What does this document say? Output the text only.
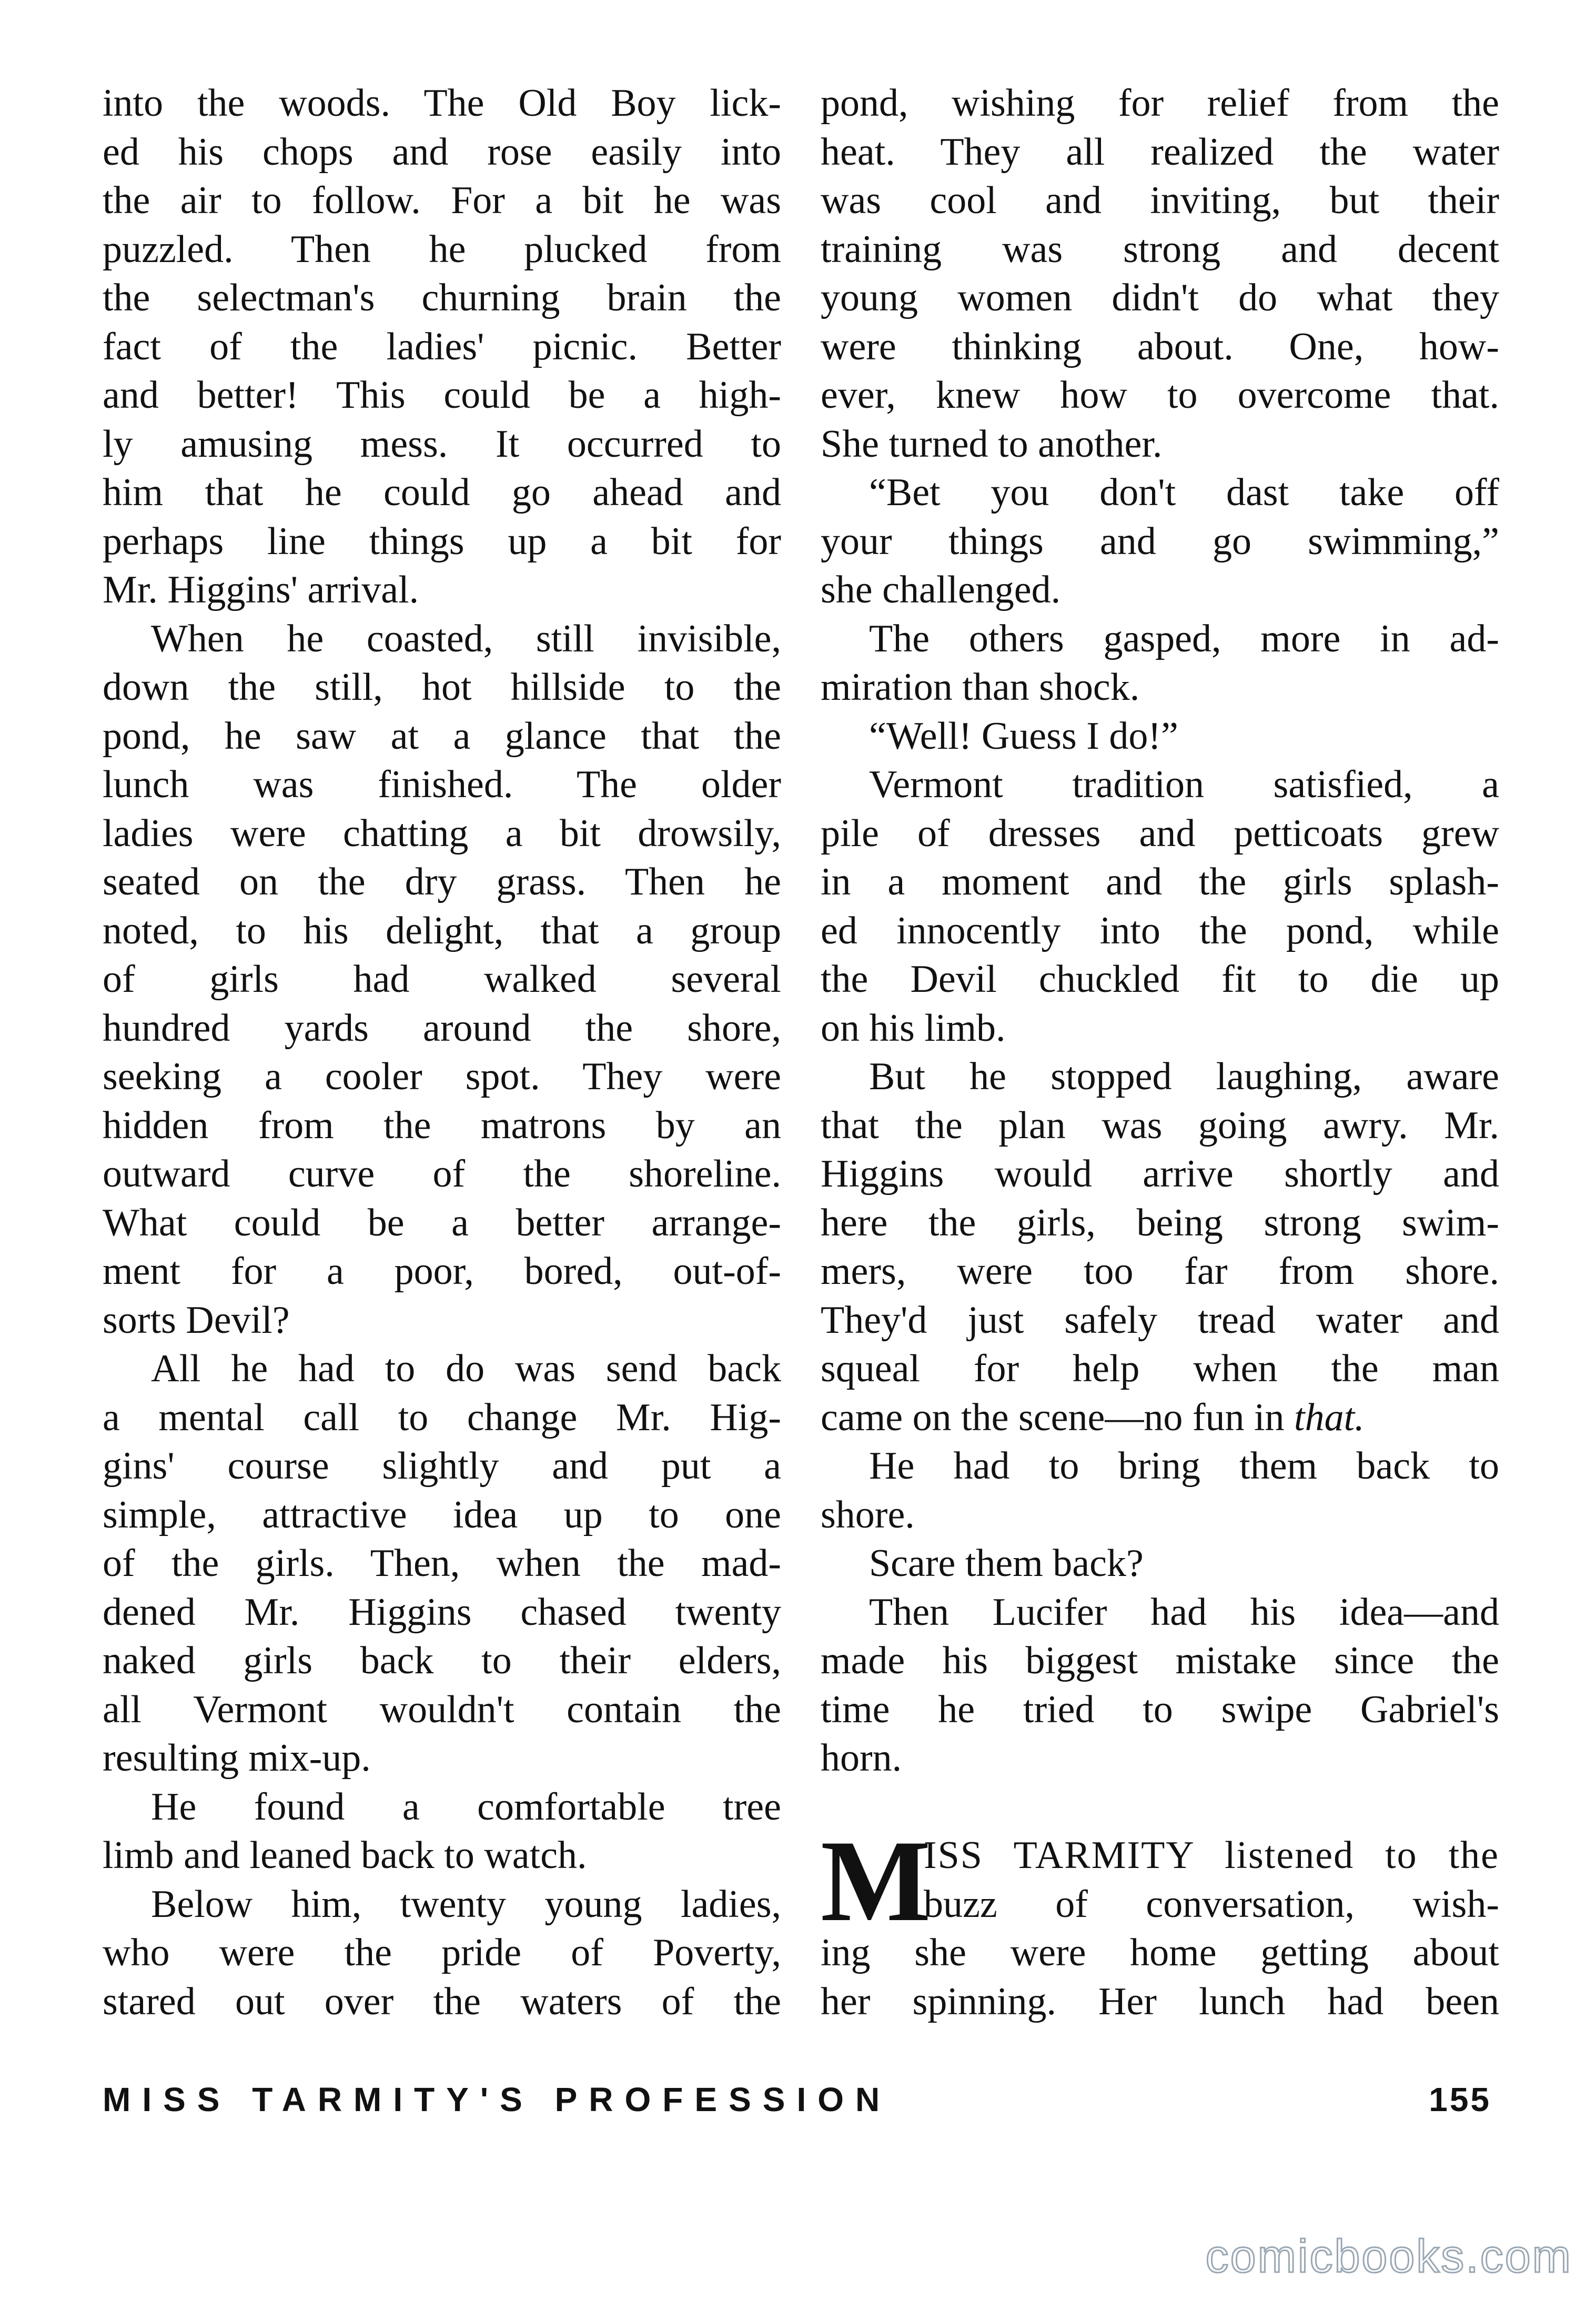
into the woods. The Old Boy lick-
ed his chops and rose easily into
the air to follow. For a bit he was
puzzled. Then he plucked from
the selectman's churning brain the
fact of the ladies' picnic. Better
and better! This could be a high-
ly amusing mess. It occurred to
him that he could go ahead and
perhaps line things up a bit for
Mr. Higgins' arrival.
When he coasted, still invisible,
down the still, hot hillside to the
pond, he saw at a glance that the
lunch was finished. The older
ladies were chatting a bit drowsily,
seated on the dry grass. Then he
noted, to his delight, that a group
of girls had walked several
hundred yards around the shore,
seeking a cooler spot. They were
hidden from the matrons by an
outward curve of the shoreline.
What could be a better arrange-
ment for a poor, bored, out-of-
sorts Devil?
All he had to do was send back
a mental call to change Mr. Hig-
gins' course slightly and put a
simple, attractive idea up to one
of the girls. Then, when the mad-
dened Mr. Higgins chased twenty
naked girls back to their elders,
all Vermont wouldn't contain the
resulting mix-up.
He found a comfortable tree
limb and leaned back to watch.
Below him, twenty young ladies,
who were the pride of Poverty,
stared out over the waters of the
pond, wishing for relief from the
heat. They all realized the water
was cool and inviting, but their
training was strong and decent
young women didn't do what they
were thinking about. One, how-
ever, knew how to overcome that.
She turned to another.
“Bet you don't dast take off
your things and go swimming,”
she challenged.
The others gasped, more in ad-
miration than shock.
“Well! Guess I do!”
Vermont tradition satisfied, a
pile of dresses and petticoats grew
in a moment and the girls splash-
ed innocently into the pond, while
the Devil chuckled fit to die up
on his limb.
But he stopped laughing, aware
that the plan was going awry. Mr.
Higgins would arrive shortly and
here the girls, being strong swim-
mers, were too far from shore.
They'd just safely tread water and
squeal for help when the man
came on the scene—no fun in that.
He had to bring them back to
shore.
Scare them back?
Then Lucifer had his idea—and
made his biggest mistake since the
time he tried to swipe Gabriel's
horn.
M
ISS TARMITY listened to the
buzz of conversation, wish-
ing she were home getting about
her spinning. Her lunch had been
MISS TARMITY'S PROFESSION	155
comicbooks.com
